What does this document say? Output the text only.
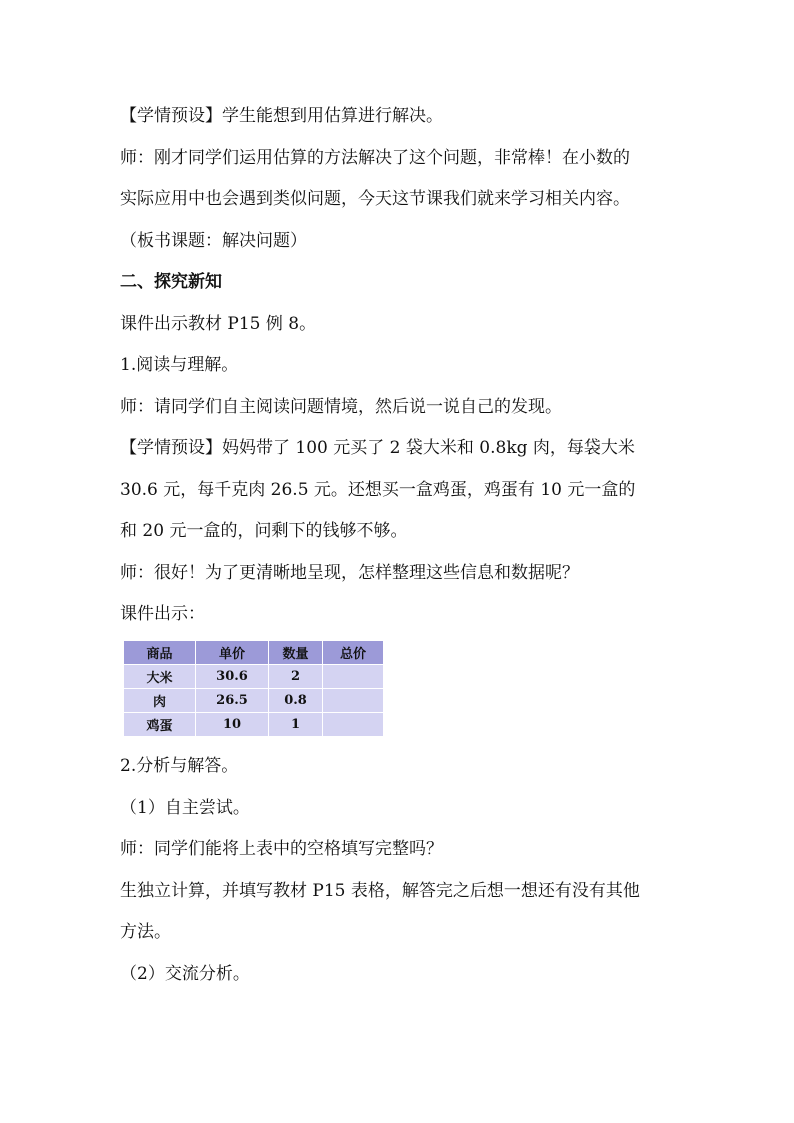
【学情预设】学生能想到用估算进行解决。

师：刚才同学们运用估算的方法解决了这个问题，非常棒！在小数的

实际应用中也会遇到类似问题，今天这节课我们就来学习相关内容。

（板书课题：解决问题）

二、探究新知

课件出示教材 P15 例 8。

1.阅读与理解。

师：请同学们自主阅读问题情境，然后说一说自己的发现。

【学情预设】妈妈带了 100 元买了 2 袋大米和 0.8kg 肉，每袋大米

30.6 元，每千克肉 26.5 元。还想买一盒鸡蛋，鸡蛋有 10 元一盒的

和 20 元一盒的，问剩下的钱够不够。

师：很好！为了更清晰地呈现，怎样整理这些信息和数据呢？

课件出示：

商品	单价	数量	总价
大米	30.6	2	
肉	26.5	0.8	
鸡蛋	10	1	

2.分析与解答。

（1）自主尝试。

师：同学们能将上表中的空格填写完整吗？

生独立计算，并填写教材 P15 表格，解答完之后想一想还有没有其他

方法。

（2）交流分析。
